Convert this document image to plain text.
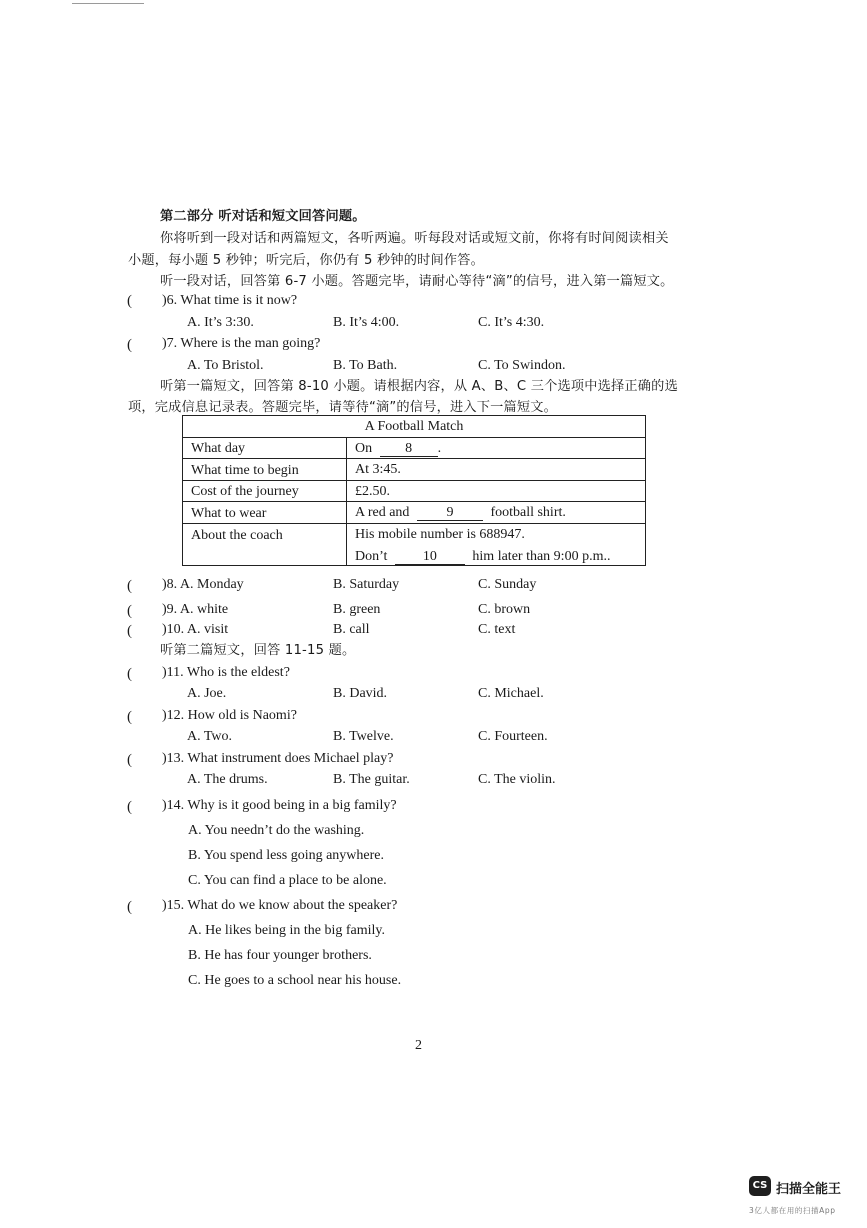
第二部分 听对话和短文回答问题。
你将听到一段对话和两篇短文，各听两遍。听每段对话或短文前，你将有时间阅读相关
小题，每小题 5 秒钟；听完后，你仍有 5 秒钟的时间作答。
听一段对话，回答第 6-7 小题。答题完毕，请耐心等待“滴”的信号，进入第一篇短文。
( )6. What time is it now?
A. It’s 3:30.	B. It’s 4:00.	C. It’s 4:30.
( )7. Where is the man going?
A. To Bristol.	B. To Bath.	C. To Swindon.
听第一篇短文，回答第 8-10 小题。请根据内容，从 A、B、C 三个选项中选择正确的选
项，完成信息记录表。答题完毕，请等待“滴”的信号，进入下一篇短文。
A Football Match
What day	On 8 .
What time to begin	At 3:45.
Cost of the journey	£2.50.
What to wear	A red and	9	football shirt.
About the coach	His mobile number is 688947.
Don’t	10	him later than 9:00 p.m..
( )8. A. Monday	B. Saturday	C. Sunday
( )9. A. white	B. green	C. brown
( )10. A. visit	B. call	C. text
听第二篇短文，回答 11-15 题。
( )11. Who is the eldest?
A. Joe.	B. David.	C. Michael.
( )12. How old is Naomi?
A. Two.	B. Twelve.	C. Fourteen.
( )13. What instrument does Michael play?
A. The drums.	B. The guitar.	C. The violin.
( )14. Why is it good being in a big family?
A. You needn’t do the washing.
B. You spend less going anywhere.
C. You can find a place to be alone.
( )15. What do we know about the speaker?
A. He likes being in the big family.
B. He has four younger brothers.
C. He goes to a school near his house.
2
CS 扫描全能王
3亿人都在用的扫描App
